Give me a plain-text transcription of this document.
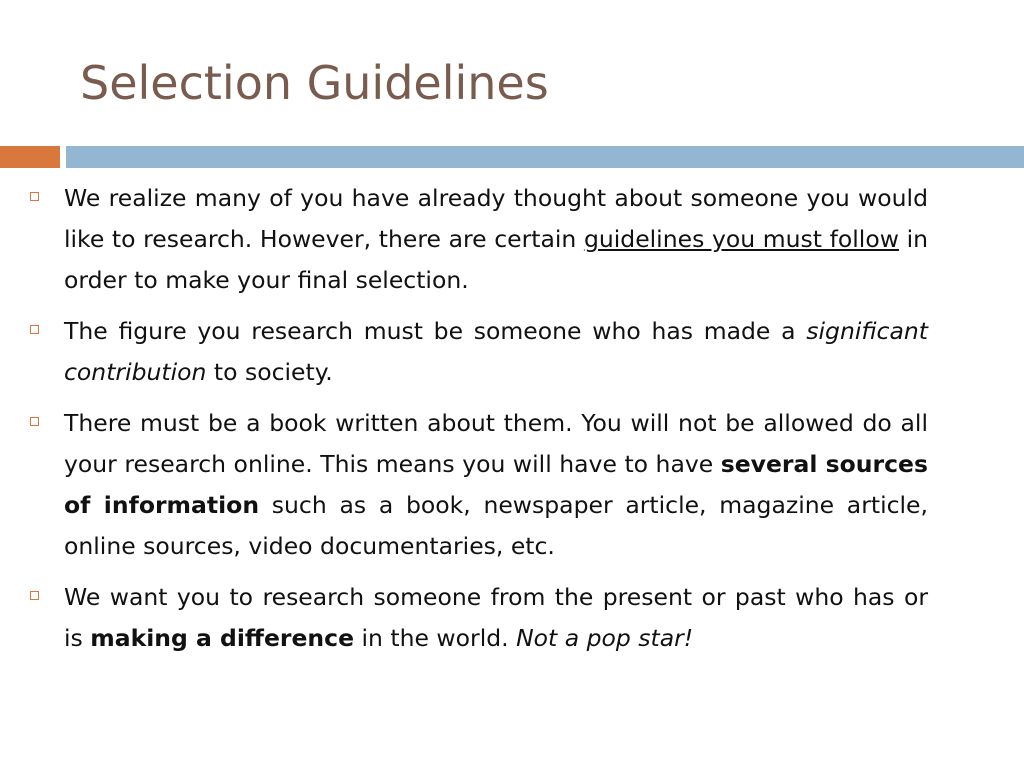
Selection Guidelines

We realize many of you have already thought about someone you would like to research. However, there are certain guidelines you must follow in order to make your final selection.

The figure you research must be someone who has made a significant contribution to society.

There must be a book written about them. You will not be allowed do all your research online. This means you will have to have several sources of information such as a book, newspaper article, magazine article, online sources, video documentaries, etc.

We want you to research someone from the present or past who has or is making a difference in the world. Not a pop star!
